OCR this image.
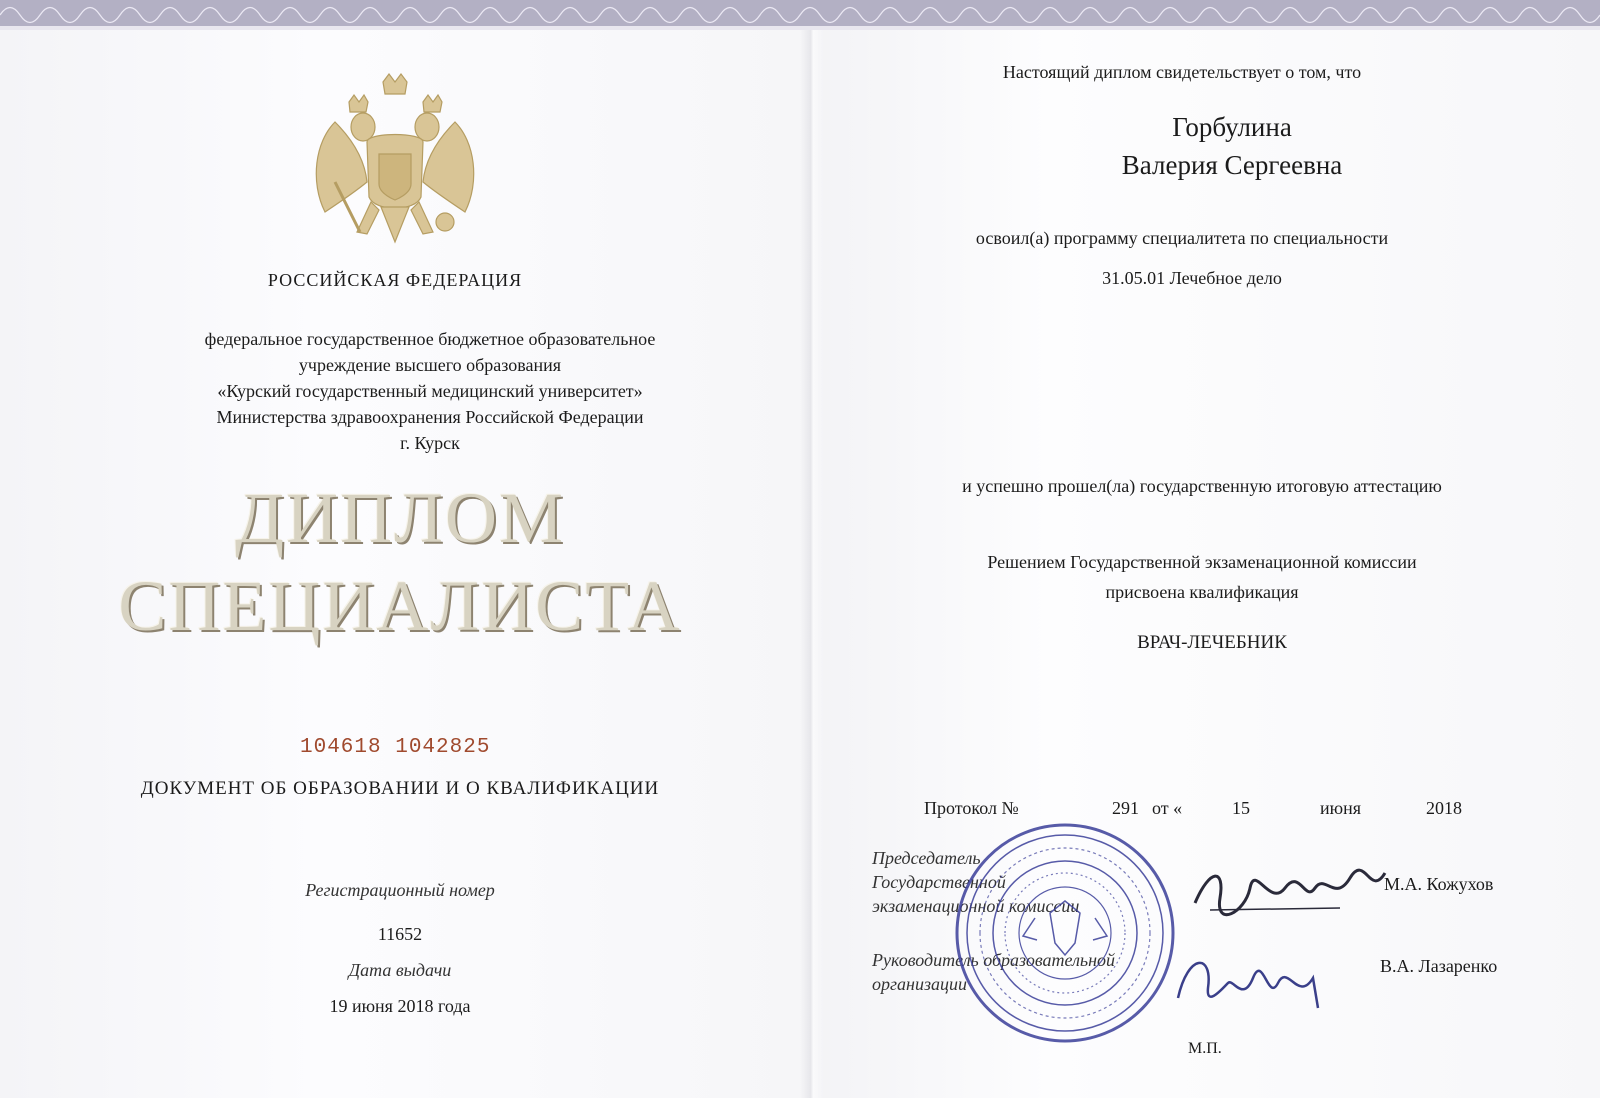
РОССИЙСКАЯ ФЕДЕРАЦИЯ
федеральное государственное бюджетное образовательное
учреждение высшего образования
«Курский государственный медицинский университет»
Министерства здравоохранения Российской Федерации
г. Курск
ДИПЛОМ
СПЕЦИАЛИСТА
104618 1042825
ДОКУМЕНТ ОБ ОБРАЗОВАНИИ И О КВАЛИФИКАЦИИ
Регистрационный номер
11652
Дата выдачи
19 июня 2018 года
Настоящий диплом свидетельствует о том, что
Горбулина
Валерия Сергеевна
освоил(а) программу специалитета по специальности
31.05.01 Лечебное дело
и успешно прошел(ла) государственную итоговую аттестацию
Решением Государственной экзаменационной комиссии
присвоена квалификация
ВРАЧ-ЛЕЧЕБНИК
Протокол №	291 от «	15	июня	2018
Председатель
Государственной
экзаменационной комиссии
М.А. Кожухов
Руководитель образовательной
организации
В.А. Лазаренко
М.П.
